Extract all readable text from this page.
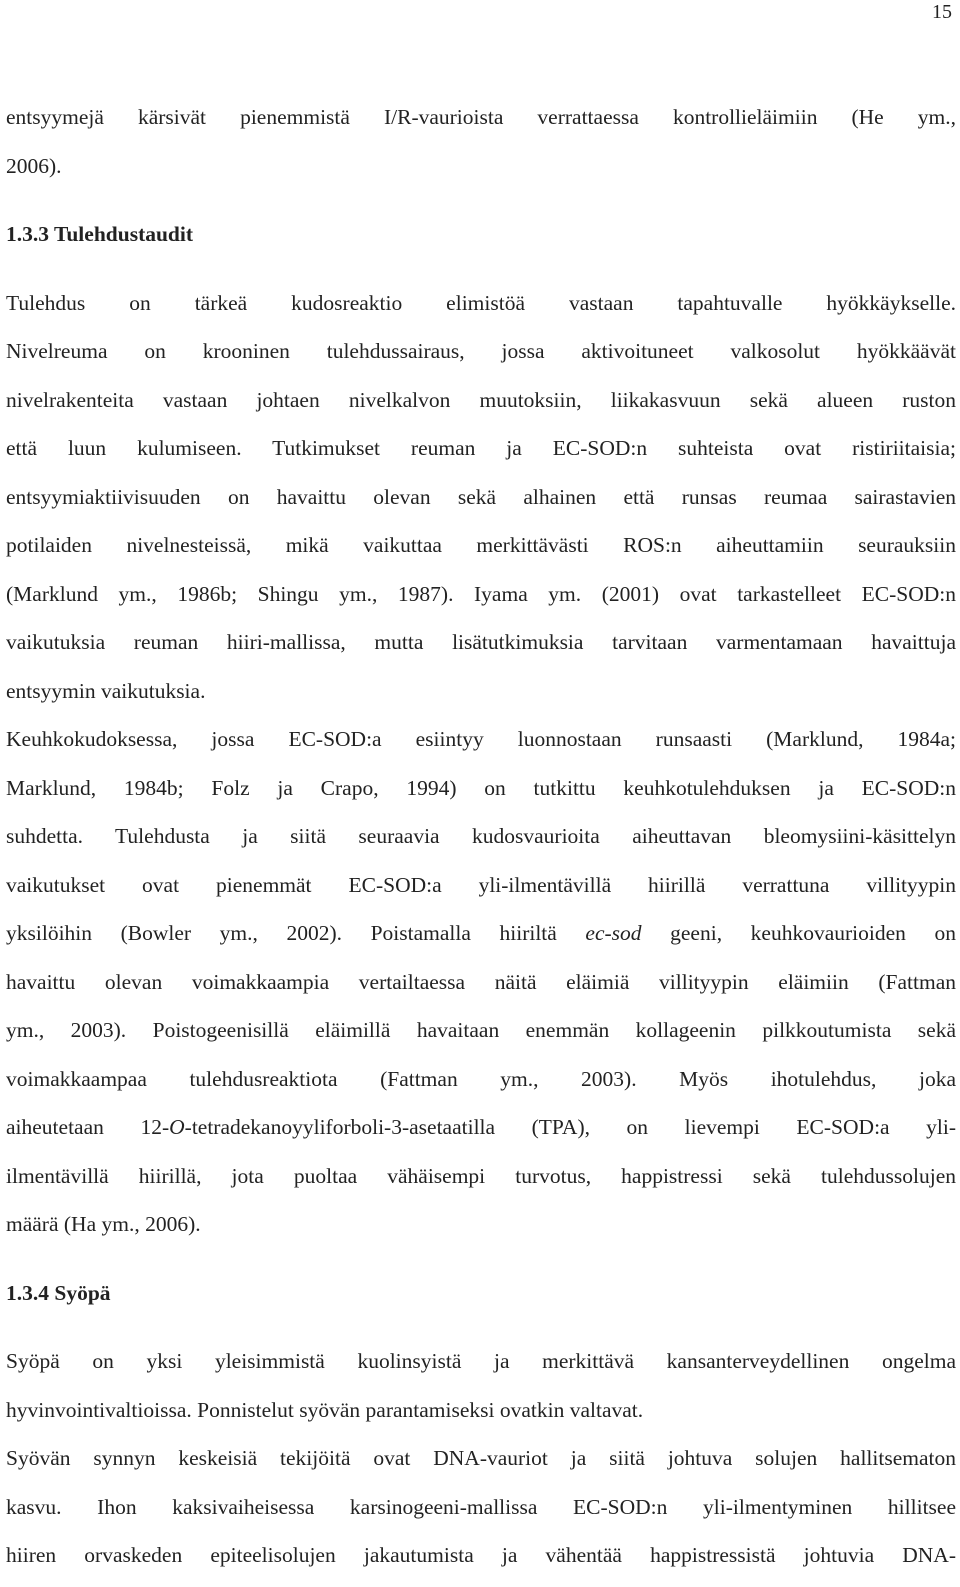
15
entsyymejä kärsivät pienemmistä I/R-vaurioista verrattaessa kontrollieläimiin (He ym.,
2006).
1.3.3 Tulehdustaudit
Tulehdus on tärkeä kudosreaktio elimistöä vastaan tapahtuvalle hyökkäykselle.
Nivelreuma on krooninen tulehdussairaus, jossa aktivoituneet valkosolut hyökkäävät
nivelrakenteita vastaan johtaen nivelkalvon muutoksiin, liikakasvuun sekä alueen ruston
että luun kulumiseen. Tutkimukset reuman ja EC-SOD:n suhteista ovat ristiriitaisia;
entsyymiaktiivisuuden on havaittu olevan sekä alhainen että runsas reumaa sairastavien
potilaiden nivelnesteissä, mikä vaikuttaa merkittävästi ROS:n aiheuttamiin seurauksiin
(Marklund ym., 1986b; Shingu ym., 1987). Iyama ym. (2001) ovat tarkastelleet EC-SOD:n
vaikutuksia reuman hiiri-mallissa, mutta lisätutkimuksia tarvitaan varmentamaan havaittuja
entsyymin vaikutuksia.
Keuhkokudoksessa, jossa EC-SOD:a esiintyy luonnostaan runsaasti (Marklund, 1984a;
Marklund, 1984b; Folz ja Crapo, 1994) on tutkittu keuhkotulehduksen ja EC-SOD:n
suhdetta. Tulehdusta ja siitä seuraavia kudosvaurioita aiheuttavan bleomysiini-käsittelyn
vaikutukset ovat pienemmät EC-SOD:a yli-ilmentävillä hiirillä verrattuna villityypin
yksilöihin (Bowler ym., 2002). Poistamalla hiiriltä ec-sod geeni, keuhkovaurioiden on
havaittu olevan voimakkaampia vertailtaessa näitä eläimiä villityypin eläimiin (Fattman
ym., 2003). Poistogeenisillä eläimillä havaitaan enemmän kollageenin pilkkoutumista sekä
voimakkaampaa tulehdusreaktiota (Fattman ym., 2003). Myös ihotulehdus, joka
aiheutetaan 12-O-tetradekanoyyliforboli-3-asetaatilla (TPA), on lievempi EC-SOD:a yli-
ilmentävillä hiirillä, jota puoltaa vähäisempi turvotus, happistressi sekä tulehdussolujen
määrä (Ha ym., 2006).
1.3.4 Syöpä
Syöpä on yksi yleisimmistä kuolinsyistä ja merkittävä kansanterveydellinen ongelma
hyvinvointivaltioissa. Ponnistelut syövän parantamiseksi ovatkin valtavat.
Syövän synnyn keskeisiä tekijöitä ovat DNA-vauriot ja siitä johtuva solujen hallitsematon
kasvu. Ihon kaksivaiheisessa karsinogeeni-mallissa EC-SOD:n yli-ilmentyminen hillitsee
hiiren orvaskeden epiteelisolujen jakautumista ja vähentää happistressistä johtuvia DNA-
